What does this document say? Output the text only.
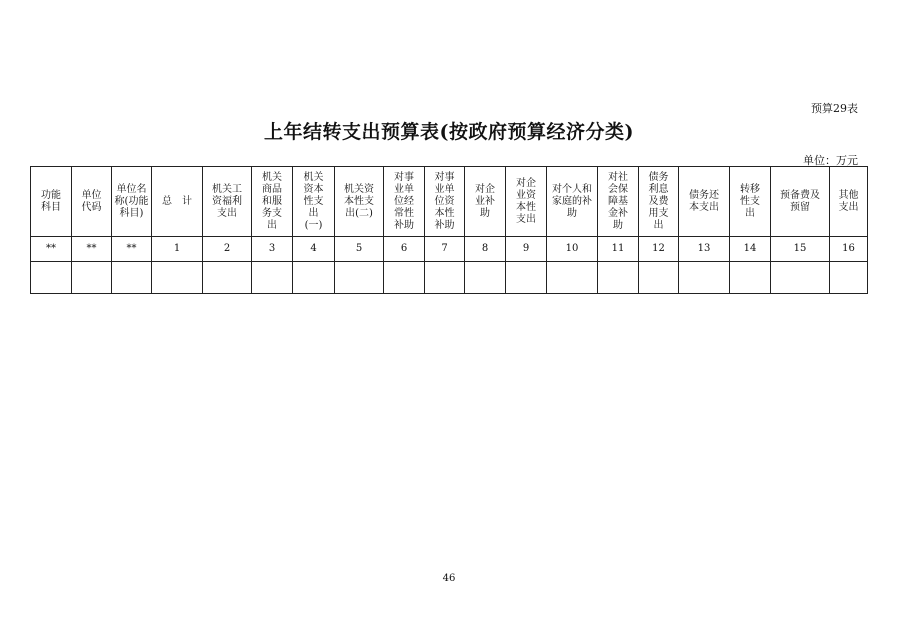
预算29表
上年结转支出预算表(按政府预算经济分类)
单位：万元
功能科目	单位代码	单位名称(功能科目)	总　计	机关工资福利支出	机关商品和服务支出	机关资本性支出(一)	机关资本性支出(二)	对事业单位经常性补助	对事业单位资本性补助	对企业补助	对企业资本性支出	对个人和家庭的补助	对社会保障基金补助	债务利息及费用支出	债务还本支出	转移性支出	预备费及预留	其他支出
**	**	**	1	2	3	4	5	6	7	8	9	10	11	12	13	14	15	16

46
